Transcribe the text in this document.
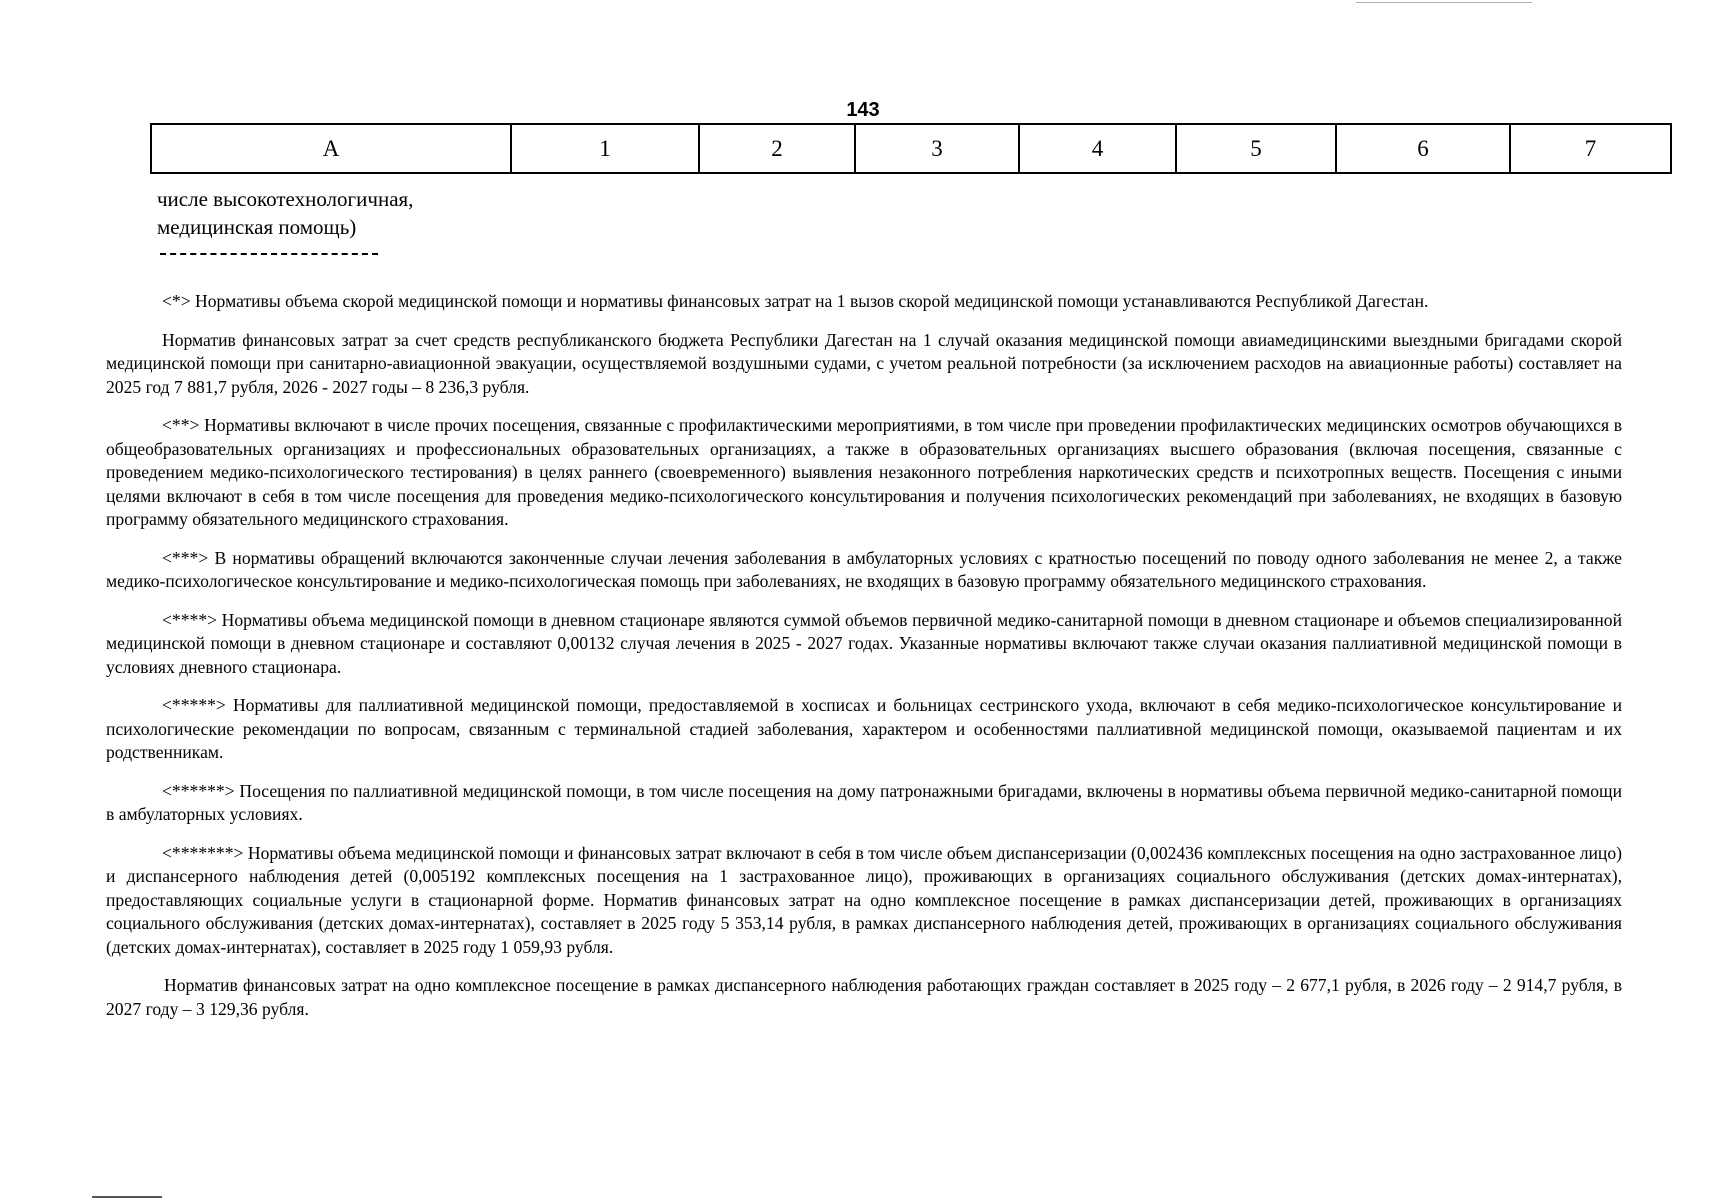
143
А	1	2	3	4	5	6	7
числе высокотехнологичная,
медицинская помощь)

<*> Нормативы объема скорой медицинской помощи и нормативы финансовых затрат на 1 вызов скорой медицинской помощи устанавливаются Республикой Дагестан.

Норматив финансовых затрат за счет средств республиканского бюджета Республики Дагестан на 1 случай оказания медицинской помощи авиамедицинскими выездными бригадами скорой медицинской помощи при санитарно-авиационной эвакуации, осуществляемой воздушными судами, с учетом реальной потребности (за исключением расходов на авиационные работы) составляет на 2025 год 7 881,7 рубля, 2026 - 2027 годы – 8 236,3 рубля.

<**> Нормативы включают в числе прочих посещения, связанные с профилактическими мероприятиями, в том числе при проведении профилактических медицинских осмотров обучающихся в общеобразовательных организациях и профессиональных образовательных организациях, а также в образовательных организациях высшего образования (включая посещения, связанные с проведением медико-психологического тестирования) в целях раннего (своевременного) выявления незаконного потребления наркотических средств и психотропных веществ. Посещения с иными целями включают в себя в том числе посещения для проведения медико-психологического консультирования и получения психологических рекомендаций при заболеваниях, не входящих в базовую программу обязательного медицинского страхования.

<***> В нормативы обращений включаются законченные случаи лечения заболевания в амбулаторных условиях с кратностью посещений по поводу одного заболевания не менее 2, а также медико-психологическое консультирование и медико-психологическая помощь при заболеваниях, не входящих в базовую программу обязательного медицинского страхования.

<****> Нормативы объема медицинской помощи в дневном стационаре являются суммой объемов первичной медико-санитарной помощи в дневном стационаре и объемов специализированной медицинской помощи в дневном стационаре и составляют 0,00132 случая лечения в 2025 - 2027 годах. Указанные нормативы включают также случаи оказания паллиативной медицинской помощи в условиях дневного стационара.

<*****> Нормативы для паллиативной медицинской помощи, предоставляемой в хосписах и больницах сестринского ухода, включают в себя медико-психологическое консультирование и психологические рекомендации по вопросам, связанным с терминальной стадией заболевания, характером и особенностями паллиативной медицинской помощи, оказываемой пациентам и их родственникам.

<******> Посещения по паллиативной медицинской помощи, в том числе посещения на дому патронажными бригадами, включены в нормативы объема первичной медико-санитарной помощи в амбулаторных условиях.

<*******> Нормативы объема медицинской помощи и финансовых затрат включают в себя в том числе объем диспансеризации (0,002436 комплексных посещения на одно застрахованное лицо) и диспансерного наблюдения детей (0,005192 комплексных посещения на 1 застрахованное лицо), проживающих в организациях социального обслуживания (детских домах-интернатах), предоставляющих социальные услуги в стационарной форме. Норматив финансовых затрат на одно комплексное посещение в рамках диспансеризации детей, проживающих в организациях социального обслуживания (детских домах-интернатах), составляет в 2025 году 5 353,14 рубля, в рамках диспансерного наблюдения детей, проживающих в организациях социального обслуживания (детских домах-интернатах), составляет в 2025 году 1 059,93 рубля.

Норматив финансовых затрат на одно комплексное посещение в рамках диспансерного наблюдения работающих граждан составляет в 2025 году – 2 677,1 рубля, в 2026 году – 2 914,7 рубля, в 2027 году – 3 129,36 рубля.
